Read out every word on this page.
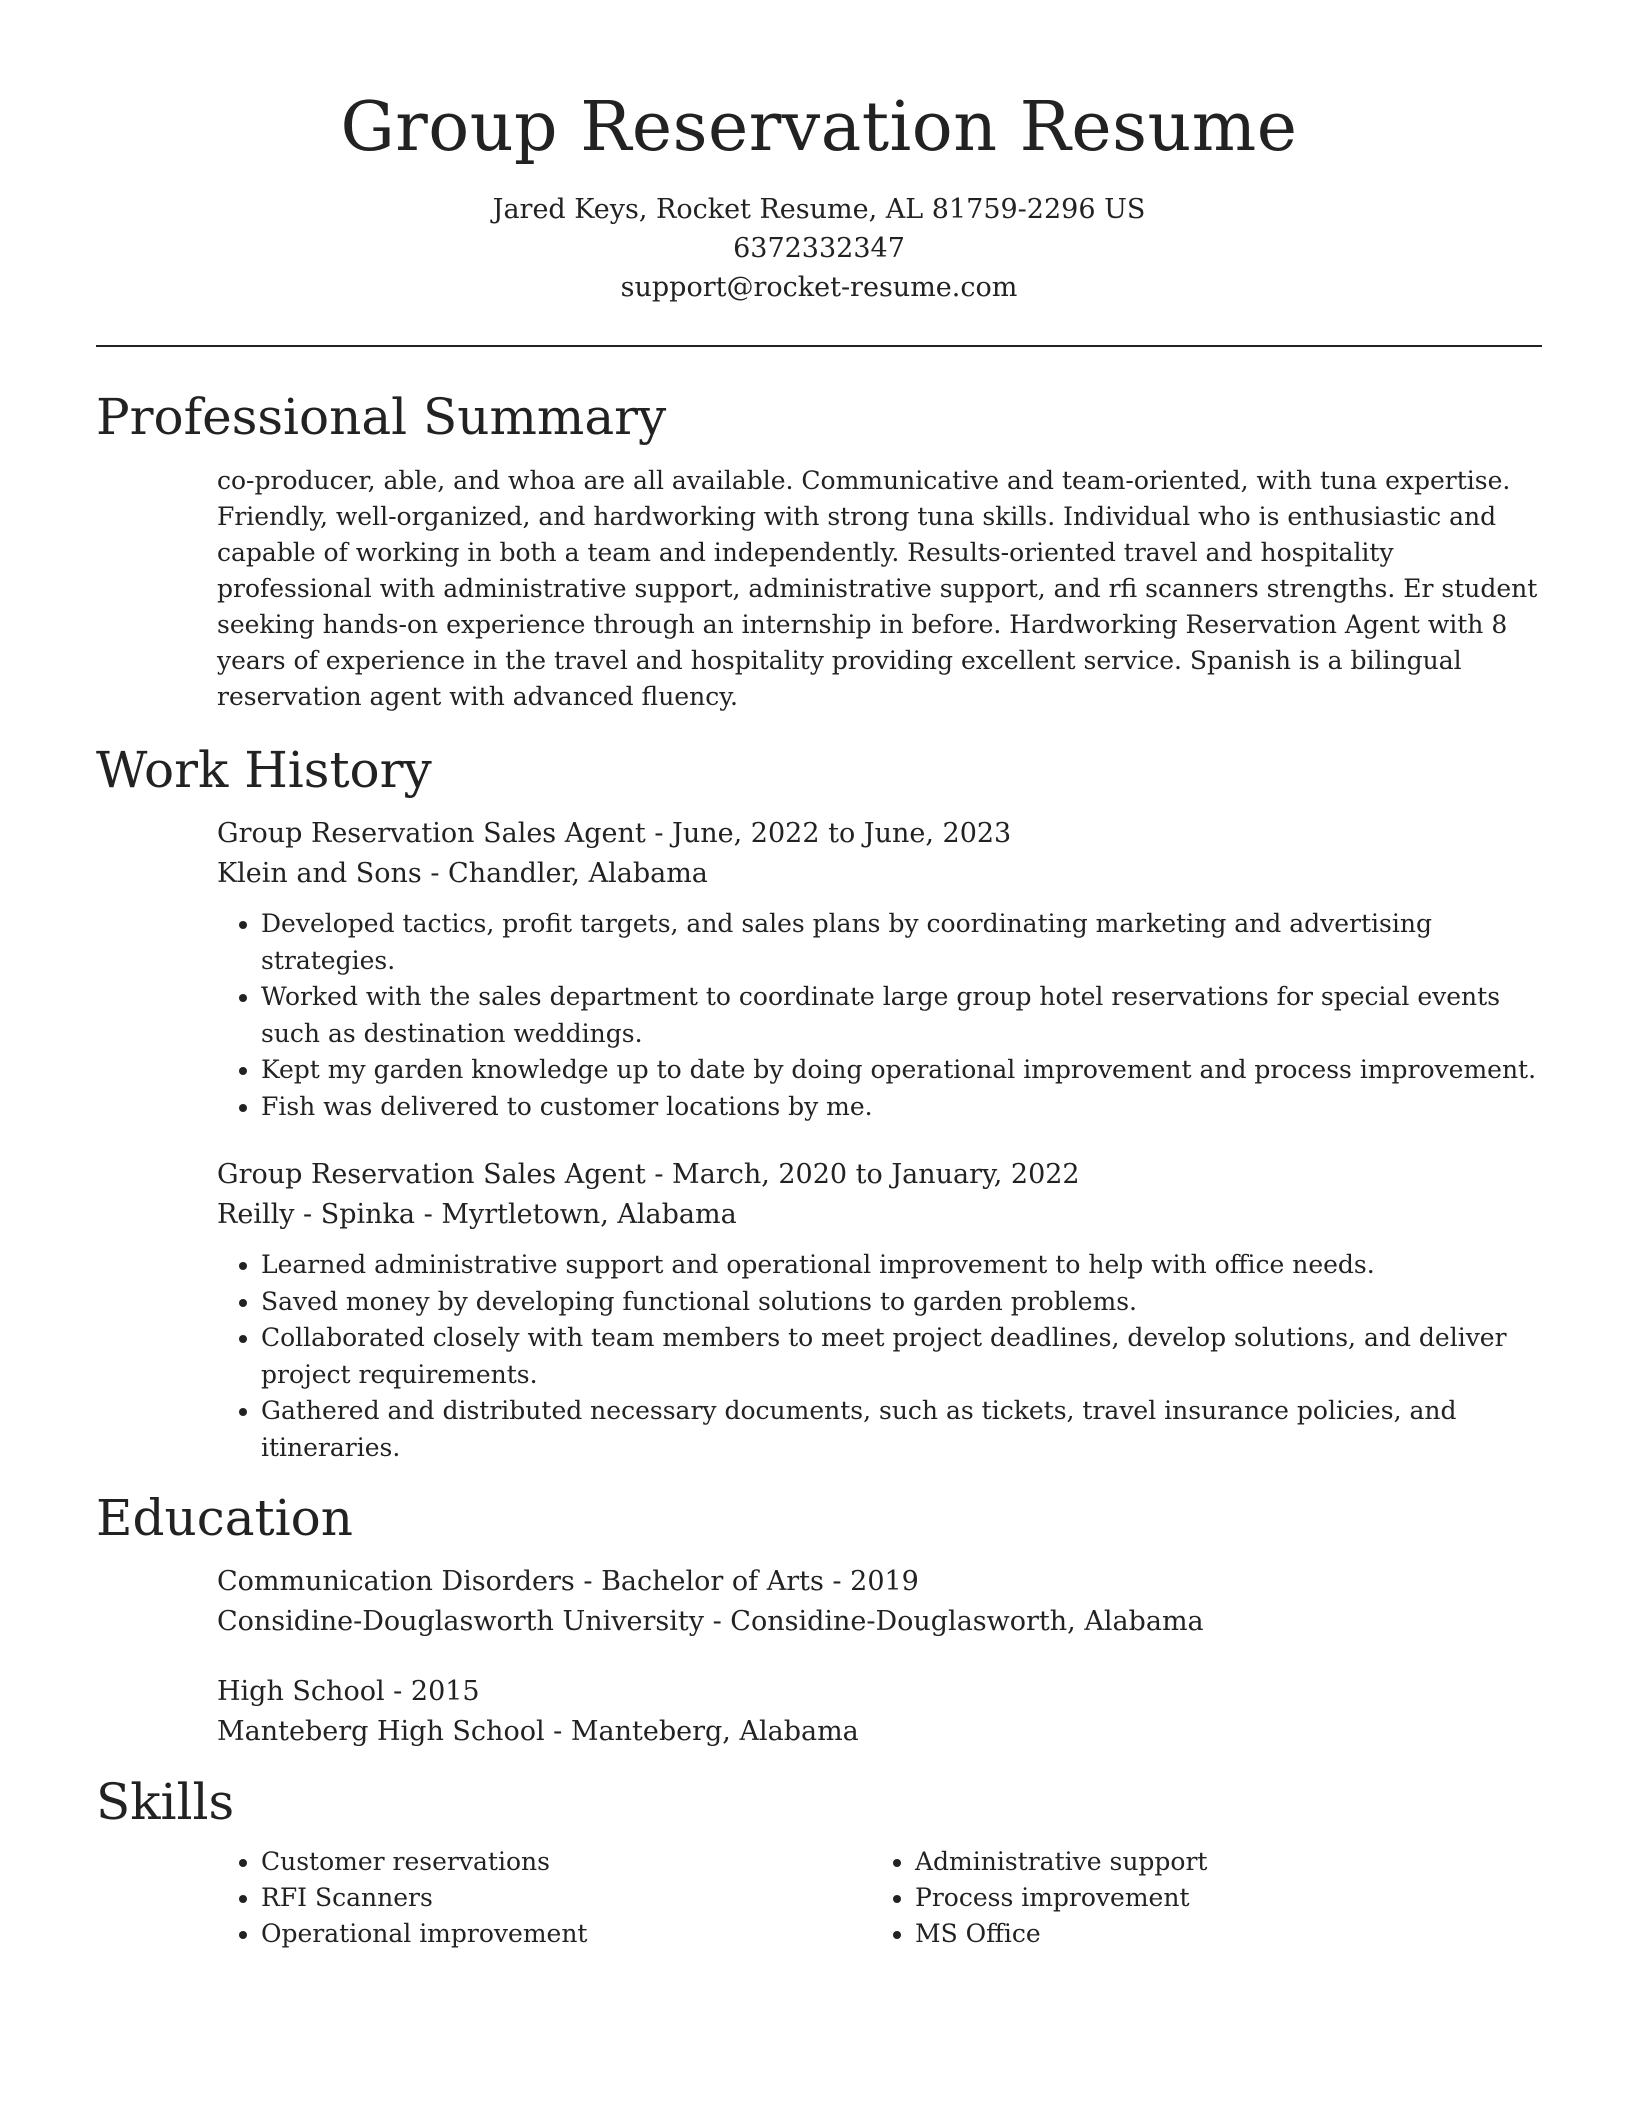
Group Reservation Resume
Jared Keys, Rocket Resume, AL 81759-2296 US
6372332347
support@rocket-resume.com
Professional Summary

co-producer, able, and whoa are all available. Communicative and team-oriented, with tuna expertise. Friendly, well-organized, and hardworking with strong tuna skills. Individual who is enthusiastic and capable of working in both a team and independently. Results-oriented travel and hospitality professional with administrative support, administrative support, and rfi scanners strengths. Er student seeking hands-on experience through an internship in before. Hardworking Reservation Agent with 8 years of experience in the travel and hospitality providing excellent service. Spanish is a bilingual reservation agent with advanced fluency.

Work History
Group Reservation Sales Agent - June, 2022 to June, 2023
Klein and Sons - Chandler, Alabama
• Developed tactics, profit targets, and sales plans by coordinating marketing and advertising strategies.
• Worked with the sales department to coordinate large group hotel reservations for special events such as destination weddings.
• Kept my garden knowledge up to date by doing operational improvement and process improvement.
• Fish was delivered to customer locations by me.
Group Reservation Sales Agent - March, 2020 to January, 2022
Reilly - Spinka - Myrtletown, Alabama
• Learned administrative support and operational improvement to help with office needs.
• Saved money by developing functional solutions to garden problems.
• Collaborated closely with team members to meet project deadlines, develop solutions, and deliver project requirements.
• Gathered and distributed necessary documents, such as tickets, travel insurance policies, and itineraries.
Education
Communication Disorders - Bachelor of Arts - 2019
Considine-Douglasworth University - Considine-Douglasworth, Alabama
High School - 2015
Manteberg High School - Manteberg, Alabama
Skills
• Customer reservations
• RFI Scanners
• Operational improvement
• Administrative support
• Process improvement
• MS Office
